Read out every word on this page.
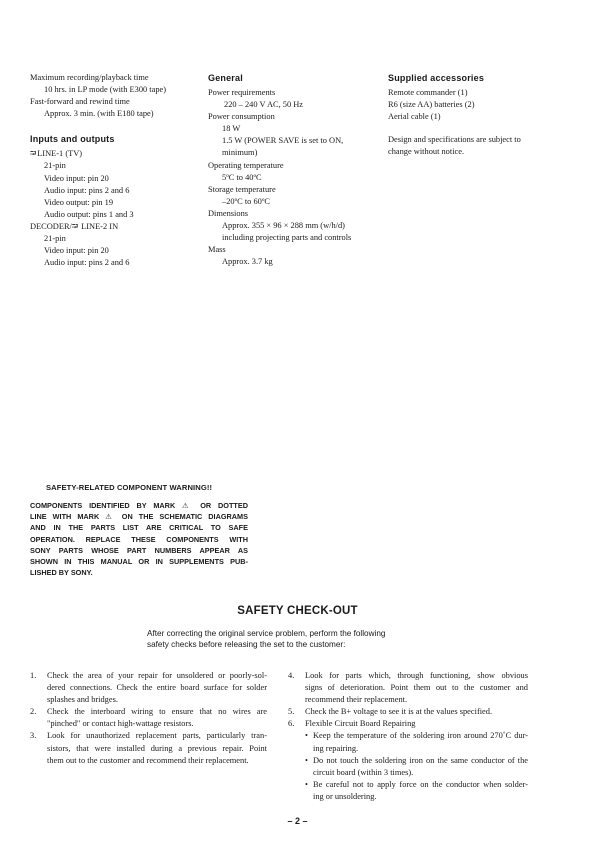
Maximum recording/playback time
10 hrs. in LP mode (with E300 tape)
Fast-forward and rewind time
Approx. 3 min. (with E180 tape)
Inputs and outputs
⮒LINE-1 (TV)
21-pin
Video input: pin 20
Audio input: pins 2 and 6
Video output: pin 19
Audio output: pins 1 and 3
DECODER/⮒ LINE-2 IN
21-pin
Video input: pin 20
Audio input: pins 2 and 6
General
Power requirements
220 – 240 V AC, 50 Hz
Power consumption
18 W
1.5 W (POWER SAVE is set to ON,
minimum)
Operating temperature
5ºC to 40ºC
Storage temperature
–20ºC to 60ºC
Dimensions
Approx. 355 × 96 × 288 mm (w/h/d)
including projecting parts and controls
Mass
Approx. 3.7 kg
Supplied accessories
Remote commander (1)
R6 (size AA) batteries (2)
Aerial cable (1)
Design and specifications are subject to
change without notice.
SAFETY-RELATED COMPONENT WARNING!!
COMPONENTS IDENTIFIED BY MARK ⚠ OR DOTTED
LINE WITH MARK ⚠ ON THE SCHEMATIC DIAGRAMS
AND IN THE PARTS LIST ARE CRITICAL TO SAFE
OPERATION. REPLACE THESE COMPONENTS WITH
SONY PARTS WHOSE PART NUMBERS APPEAR AS
SHOWN IN THIS MANUAL OR IN SUPPLEMENTS PUB-
LISHED BY SONY.
SAFETY CHECK-OUT
After correcting the original service problem, perform the following
safety checks before releasing the set to the customer:
1. Check the area of your repair for unsoldered or poorly-sol-
dered connections. Check the entire board surface for solder
splashes and bridges.
2. Check the interboard wiring to ensure that no wires are
"pinched" or contact high-wattage resistors.
3. Look for unauthorized replacement parts, particularly tran-
sistors, that were installed during a previous repair. Point
them out to the customer and recommend their replacement.
4. Look for parts which, through functioning, show obvious
signs of deterioration. Point them out to the customer and
recommend their replacement.
5. Check the B+ voltage to see it is at the values specified.
6. Flexible Circuit Board Repairing
• Keep the temperature of the soldering iron around 270˚C dur-
ing repairing.
• Do not touch the soldering iron on the same conductor of the
circuit board (within 3 times).
• Be careful not to apply force on the conductor when solder-
ing or unsoldering.
– 2 –
